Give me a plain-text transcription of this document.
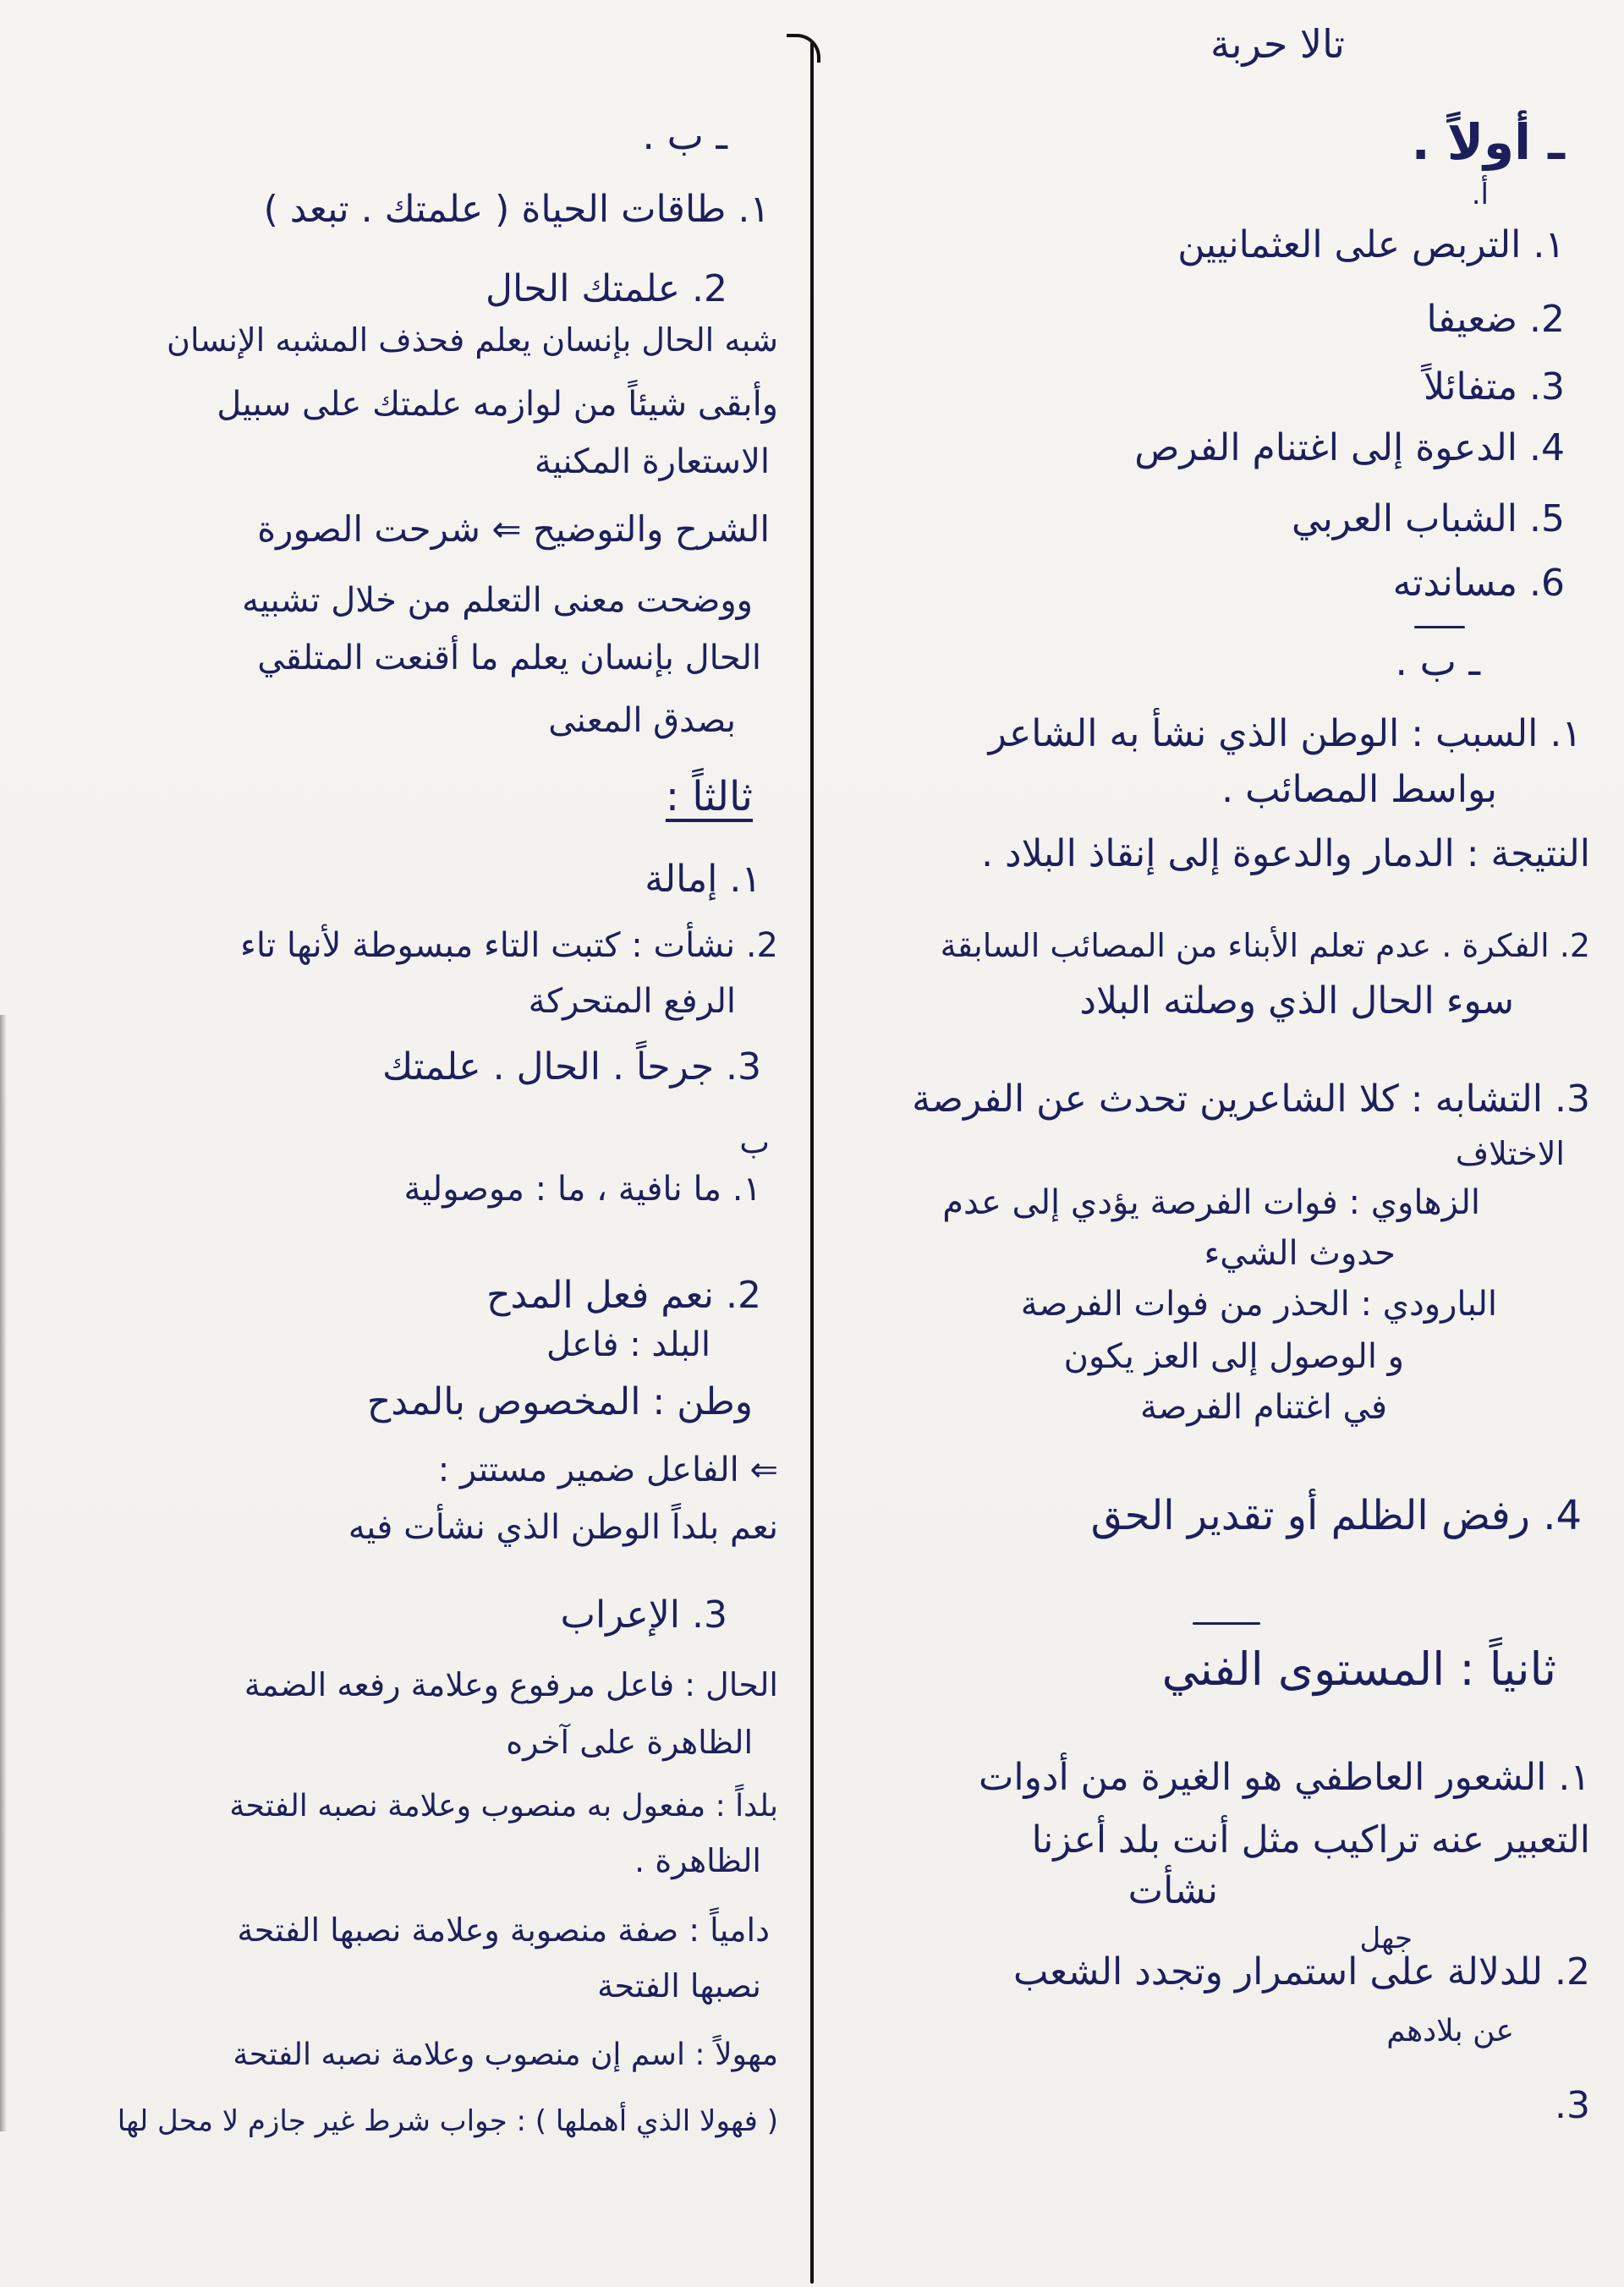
تالا حربة
ـ أولاً .
أ.
١. التربص على العثمانيين
2. ضعيفا
3. متفائلاً
4. الدعوة إلى اغتنام الفرص
5. الشباب العربي
6. مساندته
ـ ب .
١. السبب : الوطن الذي نشأ به الشاعر
بواسط المصائب .
النتيجة : الدمار والدعوة إلى إنقاذ البلاد .
2. الفكرة . عدم تعلم الأبناء من المصائب السابقة
سوء الحال الذي وصلته البلاد
3. التشابه : كلا الشاعرين تحدث عن الفرصة
الاختلاف
الزهاوي : فوات الفرصة يؤدي إلى عدم
حدوث الشيء
البارودي : الحذر من فوات الفرصة
و الوصول إلى العز يكون
في اغتنام الفرصة
4. رفض الظلم أو تقدير الحق
ثانياً : المستوى الفني
١. الشعور العاطفي هو الغيرة من أدوات
التعبير عنه تراكيب مثل أنت بلد أعزنا
نشأت
جهل
2. للدلالة على استمرار وتجدد الشعب
عن بلادهم
3.
ـ ب .
١. طاقات الحياة ( علمتك . تبعد )
2. علمتك الحال
شبه الحال بإنسان يعلم فحذف المشبه الإنسان
وأبقى شيئاً من لوازمه علمتك على سبيل
الاستعارة المكنية
الشرح والتوضيح ⇐ شرحت الصورة
ووضحت معنى التعلم من خلال تشبيه
الحال بإنسان يعلم ما أقنعت المتلقي
بصدق المعنى
ثالثاً :
١. إمالة
2. نشأت : كتبت التاء مبسوطة لأنها تاء
الرفع المتحركة
3. جرحاً . الحال . علمتك
ب
١. ما نافية ، ما : موصولية
2. نعم فعل المدح
البلد : فاعل
وطن : المخصوص بالمدح
⇐ الفاعل ضمير مستتر :
نعم بلداً الوطن الذي نشأت فيه
3. الإعراب
الحال : فاعل مرفوع وعلامة رفعه الضمة
الظاهرة على آخره
بلداً : مفعول به منصوب وعلامة نصبه الفتحة
الظاهرة .
دامياً : صفة منصوبة وعلامة نصبها الفتحة
نصبها الفتحة
مهولاً : اسم إن منصوب وعلامة نصبه الفتحة
( فهولا الذي أهملها ) : جواب شرط غير جازم لا محل لها
